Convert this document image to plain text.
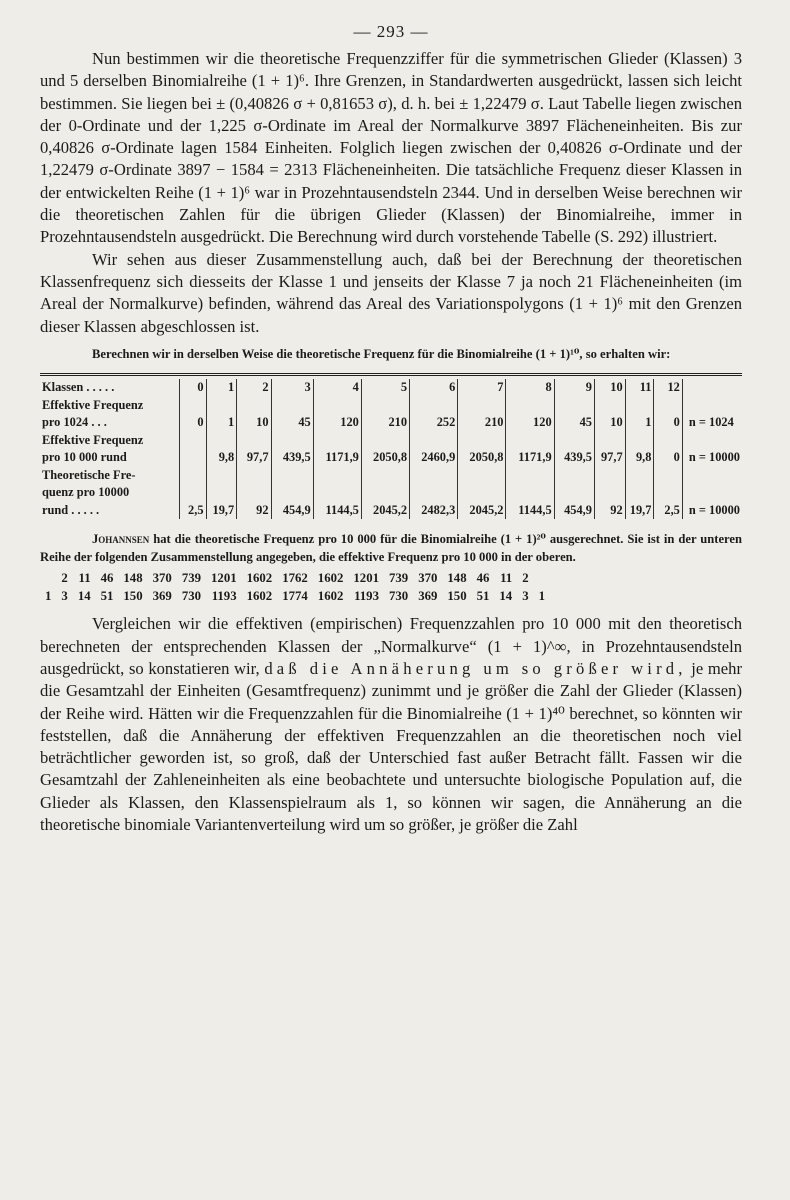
— 293 —

Nun bestimmen wir die theoretische Frequenzziffer für die symmetrischen Glieder (Klassen) 3 und 5 derselben Binomialreihe (1 + 1)⁶. Ihre Grenzen, in Standardwerten ausgedrückt, lassen sich leicht bestimmen. Sie liegen bei ± (0,40826 σ + 0,81653 σ), d. h. bei ± 1,22479 σ. Laut Tabelle liegen zwischen der 0-Ordinate und der 1,225 σ-Ordinate im Areal der Normalkurve 3897 Flächeneinheiten. Bis zur 0,40826 σ-Ordinate lagen 1584 Einheiten. Folglich liegen zwischen der 0,40826 σ-Ordinate und der 1,22479 σ-Ordinate 3897 − 1584 = 2313 Flächeneinheiten. Die tatsächliche Frequenz dieser Klassen in der entwickelten Reihe (1 + 1)⁶ war in Prozehntausendsteln 2344. Und in derselben Weise berechnen wir die theoretischen Zahlen für die übrigen Glieder (Klassen) der Binomialreihe, immer in Prozehntausendsteln ausgedrückt. Die Berechnung wird durch vorstehende Tabelle (S. 292) illustriert.

Wir sehen aus dieser Zusammenstellung auch, daß bei der Berechnung der theoretischen Klassenfrequenz sich diesseits der Klasse 1 und jenseits der Klasse 7 ja noch 21 Flächeneinheiten (im Areal der Normalkurve) befinden, während das Areal des Variationspolygons (1 + 1)⁶ mit den Grenzen dieser Klassen abgeschlossen ist.

Berechnen wir in derselben Weise die theoretische Frequenz für die Binomialreihe (1 + 1)¹⁰, so erhalten wir:

Klassen . . . . .	0	1	2	3	4	5	6	7	8	9	10	11	12	
Effektive Frequenz														
pro 1024 . . .	0	1	10	45	120	210	252	210	120	45	10	1	0	n = 1024
Effektive Frequenz														
pro 10 000 rund		9,8	97,7	439,5	1171,9	2050,8	2460,9	2050,8	1171,9	439,5	97,7	9,8	0	n = 10000
Theoretische Fre-														
quenz pro 10000														
rund . . . . .	2,5	19,7	92	454,9	1144,5	2045,2	2482,3	2045,2	1144,5	454,9	92	19,7	2,5	n = 10000

Johannsen hat die theoretische Frequenz pro 10 000 für die Binomialreihe (1 + 1)²⁰ ausgerechnet. Sie ist in der unteren Reihe der folgenden Zusammenstellung angegeben, die effektive Frequenz pro 10 000 in der oberen.

	2	11	46	148	370	739	1201	1602	1762	1602	1201	739	370	148	46	11	2	
1	3	14	51	150	369	730	1193	1602	1774	1602	1193	730	369	150	51	14	3	1

Vergleichen wir die effektiven (empirischen) Frequenzzahlen pro 10 000 mit den theoretisch berechneten der entsprechenden Klassen der „Normalkurve“ (1 + 1)^∞, in Prozehntausendsteln ausgedrückt, so konstatieren wir, daß die Annäherung um so größer wird, je mehr die Gesamtzahl der Einheiten (Gesamtfrequenz) zunimmt und je größer die Zahl der Glieder (Klassen) der Reihe wird. Hätten wir die Frequenzzahlen für die Binomialreihe (1 + 1)⁴⁰ berechnet, so könnten wir feststellen, daß die Annäherung der effektiven Frequenzzahlen an die theoretischen noch viel beträchtlicher geworden ist, so groß, daß der Unterschied fast außer Betracht fällt. Fassen wir die Gesamtzahl der Zahleneinheiten als eine beobachtete und untersuchte biologische Population auf, die Glieder als Klassen, den Klassenspielraum als 1, so können wir sagen, die Annäherung an die theoretische binomiale Variantenverteilung wird um so größer, je größer die Zahl
